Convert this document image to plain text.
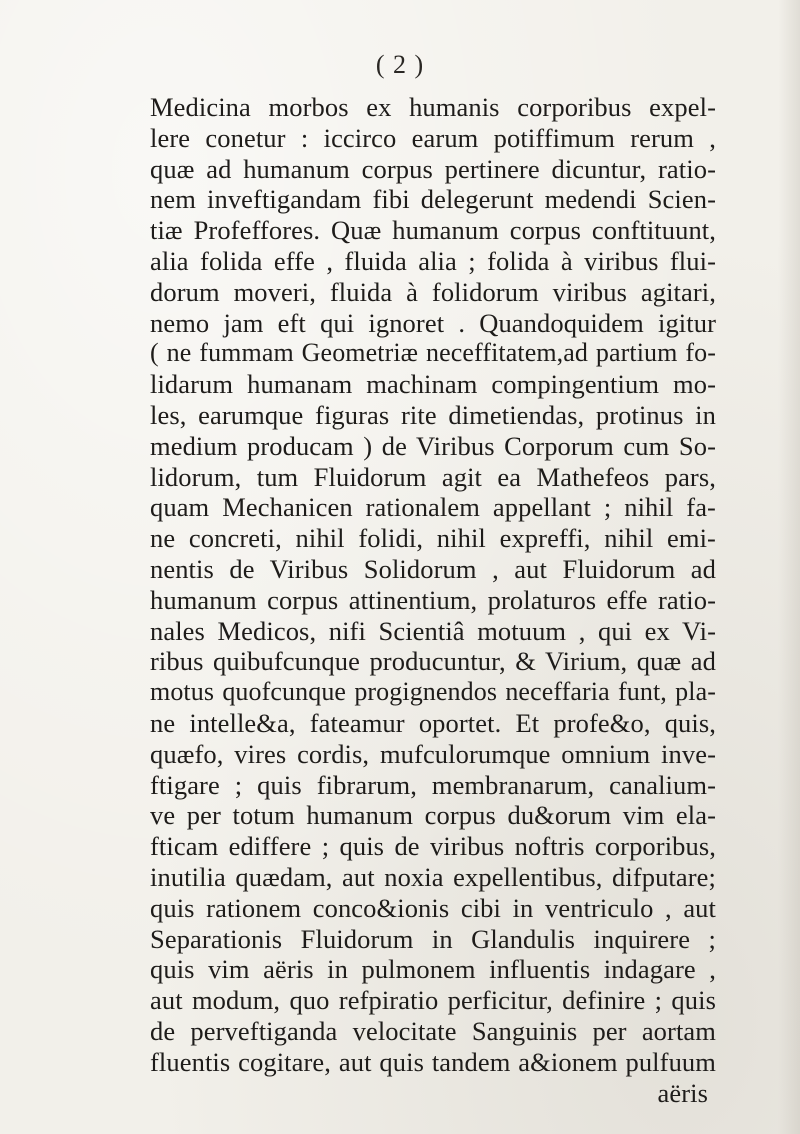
( 2 )
Medicina morbos ex humanis corporibus expel-
lere conetur : iccirco earum potiffimum rerum ,
quæ ad humanum corpus pertinere dicuntur, ratio-
nem inveftigandam fibi delegerunt medendi Scien-
tiæ Profeffores. Quæ humanum corpus conftituunt,
alia folida effe , fluida alia ; folida à viribus flui-
dorum moveri, fluida à folidorum viribus agitari,
nemo jam eft qui ignoret . Quandoquidem igitur
( ne fummam Geometriæ neceffitatem,ad partium fo-
lidarum humanam machinam compingentium mo-
les, earumque figuras rite dimetiendas, protinus in
medium producam ) de Viribus Corporum cum So-
lidorum, tum Fluidorum agit ea Mathefeos pars,
quam Mechanicen rationalem appellant ; nihil fa-
ne concreti, nihil folidi, nihil expreffi, nihil emi-
nentis de Viribus Solidorum , aut Fluidorum ad
humanum corpus attinentium, prolaturos effe ratio-
nales Medicos, nifi Scientiâ motuum , qui ex Vi-
ribus quibufcunque producuntur, & Virium, quæ ad
motus quofcunque progignendos neceffaria funt, pla-
ne intelle&a, fateamur oportet. Et profe&o, quis,
quæfo, vires cordis, mufculorumque omnium inve-
ftigare ; quis fibrarum, membranarum, canalium-
ve per totum humanum corpus du&orum vim ela-
fticam ediffere ; quis de viribus noftris corporibus,
inutilia quædam, aut noxia expellentibus, difputare;
quis rationem conco&ionis cibi in ventriculo , aut
Separationis Fluidorum in Glandulis inquirere ;
quis vim aëris in pulmonem influentis indagare ,
aut modum, quo refpiratio perficitur, definire ; quis
de perveftiganda velocitate Sanguinis per aortam
fluentis cogitare, aut quis tandem a&ionem pulfuum
aëris
